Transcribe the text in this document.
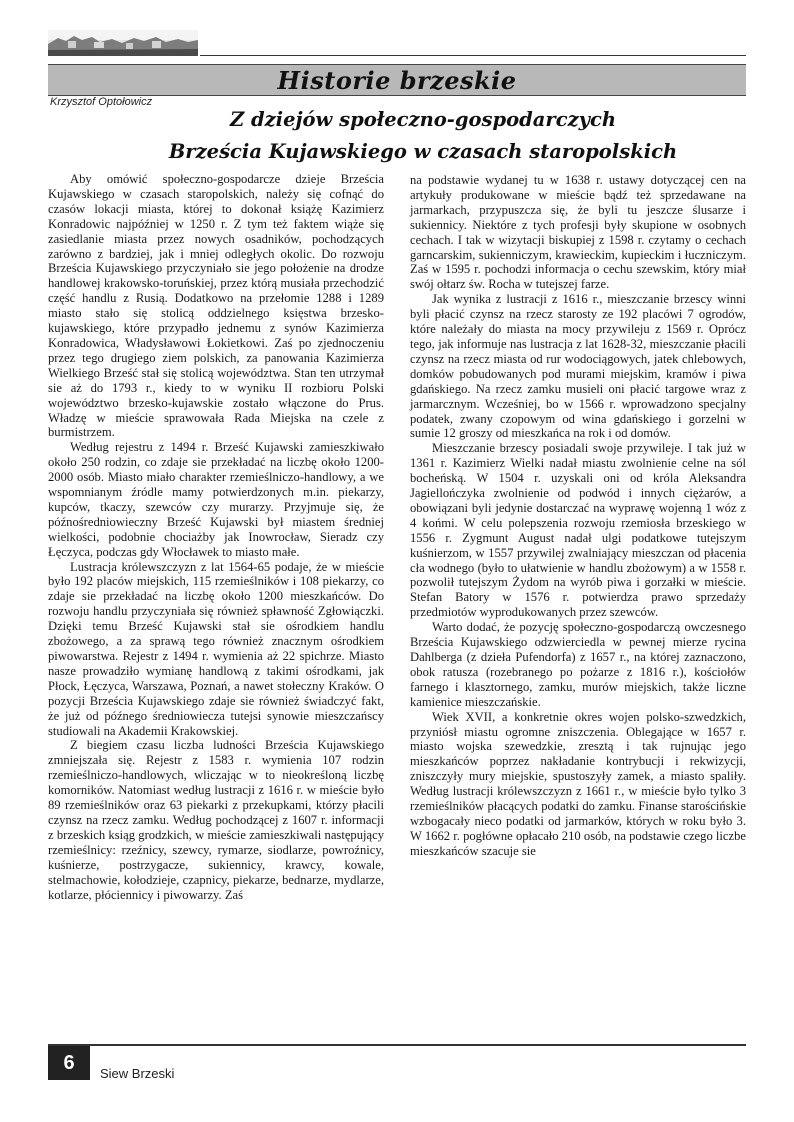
Historie brzeskie
Krzysztof Optołowicz
Z dziejów społeczno-gospodarczych
Brześcia Kujawskiego w czasach staropolskich

Aby omówić społeczno-gospodarcze dzieje Brześcia Kujawskiego w czasach staropolskich, należy się cofnąć do czasów lokacji miasta, której to dokonał książę Kazimierz Konradowic najpóźniej w 1250 r. Z tym też faktem wiąże się zasiedlanie miasta przez nowych osadników, pochodzących zarówno z bardziej, jak i mniej odległych okolic. Do rozwoju Brześcia Kujawskiego przyczyniało sie jego położenie na drodze handlowej krakowsko-toruńskiej, przez którą musiała przechodzić część handlu z Rusią. Dodatkowo na przełomie 1288 i 1289 miasto stało się stolicą oddzielnego księstwa brzesko-kujawskiego, które przypadło jednemu z synów Kazimierza Konradowica, Władysławowi Łokietkowi. Zaś po zjednoczeniu przez tego drugiego ziem polskich, za panowania Kazimierza Wielkiego Brześć stał się stolicą województwa. Stan ten utrzymał sie aż do 1793 r., kiedy to w wyniku II rozbioru Polski województwo brzesko-kujawskie zostało włączone do Prus. Władzę w mieście sprawowała Rada Miejska na czele z burmistrzem.

Według rejestru z 1494 r. Brześć Kujawski zamieszkiwało około 250 rodzin, co zdaje sie przekładać na liczbę około 1200-2000 osób. Miasto miało charakter rzemieślniczo-handlowy, a we wspomnianym źródle mamy potwierdzonych m.in. piekarzy, kupców, tkaczy, szewców czy murarzy. Przyjmuje się, że późnośredniowieczny Brześć Kujawski był miastem średniej wielkości, podobnie chociażby jak Inowrocław, Sieradz czy Łęczyca, podczas gdy Włocławek to miasto małe.

Lustracja królewszczyzn z lat 1564-65 podaje, że w mieście było 192 placów miejskich, 115 rzemieślników i 108 piekarzy, co zdaje sie przekładać na liczbę około 1200 mieszkańców. Do rozwoju handlu przyczyniała się również spławność Zgłowiączki. Dzięki temu Brześć Kujawski stał sie ośrodkiem handlu zbożowego, a za sprawą tego również znacznym ośrodkiem piwowarstwa. Rejestr z 1494 r. wymienia aż 22 spichrze. Miasto nasze prowadziło wymianę handlową z takimi ośrodkami, jak Płock, Łęczyca, Warszawa, Poznań, a nawet stołeczny Kraków. O pozycji Brześcia Kujawskiego zdaje sie również świadczyć fakt, że już od późnego średniowiecza tutejsi synowie mieszczańscy studiowali na Akademii Krakowskiej.

Z biegiem czasu liczba ludności Brześcia Kujawskiego zmniejszała się. Rejestr z 1583 r. wymienia 107 rodzin rzemieślniczo-handlowych, wliczając w to nieokreśloną liczbę komorników. Natomiast według lustracji z 1616 r. w mieście było 89 rzemieślników oraz 63 piekarki z przekupkami, którzy płacili czynsz na rzecz zamku. Według pochodzącej z 1607 r. informacji z brzeskich ksiąg grodzkich, w mieście zamieszkiwali następujący rzemieślnicy: rzeźnicy, szewcy, rymarze, siodlarze, powroźnicy, kuśnierze, postrzygacze, sukiennicy, krawcy, kowale, stelmachowie, kołodzieje, czapnicy, piekarze, bednarze, mydlarze, kotlarze, płóciennicy i piwowarzy. Zaś

na podstawie wydanej tu w 1638 r. ustawy dotyczącej cen na artykuły produkowane w mieście bądź też sprzedawane na jarmarkach, przypuszcza się, że byli tu jeszcze ślusarze i sukiennicy. Niektóre z tych profesji były skupione w osobnych cechach. I tak w wizytacji biskupiej z 1598 r. czytamy o cechach garncarskim, sukienniczym, krawieckim, kupieckim i łuczniczym. Zaś w 1595 r. pochodzi informacja o cechu szewskim, który miał swój ołtarz św. Rocha w tutejszej farze.

Jak wynika z lustracji z 1616 r., mieszczanie brzescy winni byli płacić czynsz na rzecz starosty ze 192 placówi 7 ogrodów, które należały do miasta na mocy przywileju z 1569 r. Oprócz tego, jak informuje nas lustracja z lat 1628-32, mieszczanie płacili czynsz na rzecz miasta od rur wodociągowych, jatek chlebowych, domków pobudowanych pod murami miejskim, kramów i piwa gdańskiego. Na rzecz zamku musieli oni płacić targowe wraz z jarmarcznym. Wcześniej, bo w 1566 r. wprowadzono specjalny podatek, zwany czopowym od wina gdańskiego i gorzelni w sumie 12 groszy od mieszkańca na rok i od domów.

Mieszczanie brzescy posiadali swoje przywileje. I tak już w 1361 r. Kazimierz Wielki nadał miastu zwolnienie celne na sól bocheńską. W 1504 r. uzyskali oni od króla Aleksandra Jagiellończyka zwolnienie od podwód i innych ciężarów, a obowiązani byli jedynie dostarczać na wyprawę wojenną 1 wóz z 4 końmi. W celu polepszenia rozwoju rzemiosła brzeskiego w 1556 r. Zygmunt August nadał ulgi podatkowe tutejszym kuśnierzom, w 1557 przywilej zwalniający mieszczan od płacenia cła wodnego (było to ułatwienie w handlu zbożowym) a w 1558 r. pozwolił tutejszym Żydom na wyrób piwa i gorzałki w mieście. Stefan Batory w 1576 r. potwierdza prawo sprzedaży przedmiotów wyprodukowanych przez szewców.

Warto dodać, że pozycję społeczno-gospodarczą owczesnego Brześcia Kujawskiego odzwierciedla w pewnej mierze rycina Dahlberga (z dzieła Pufendorfa) z 1657 r., na której zaznaczono, obok ratusza (rozebranego po pożarze z 1816 r.), kościołów farnego i klasztornego, zamku, murów miejskich, także liczne kamienice mieszczańskie.

Wiek XVII, a konkretnie okres wojen polsko-szwedzkich, przyniósł miastu ogromne zniszczenia. Oblegające w 1657 r. miasto wojska szewedzkie, zresztą i tak rujnując jego mieszkańców poprzez nakładanie kontrybucji i rekwizycji, zniszczyły mury miejskie, spustoszyły zamek, a miasto spaliły. Według lustracji królewszczyzn z 1661 r., w mieście było tylko 3 rzemieślników płacących podatki do zamku. Finanse starościńskie wzbogacały nieco podatki od jarmarków, których w roku było 3. W 1662 r. pogłówne opłacało 210 osób, na podstawie czego liczbe mieszkańców szacuje sie

6	Siew Brzeski
